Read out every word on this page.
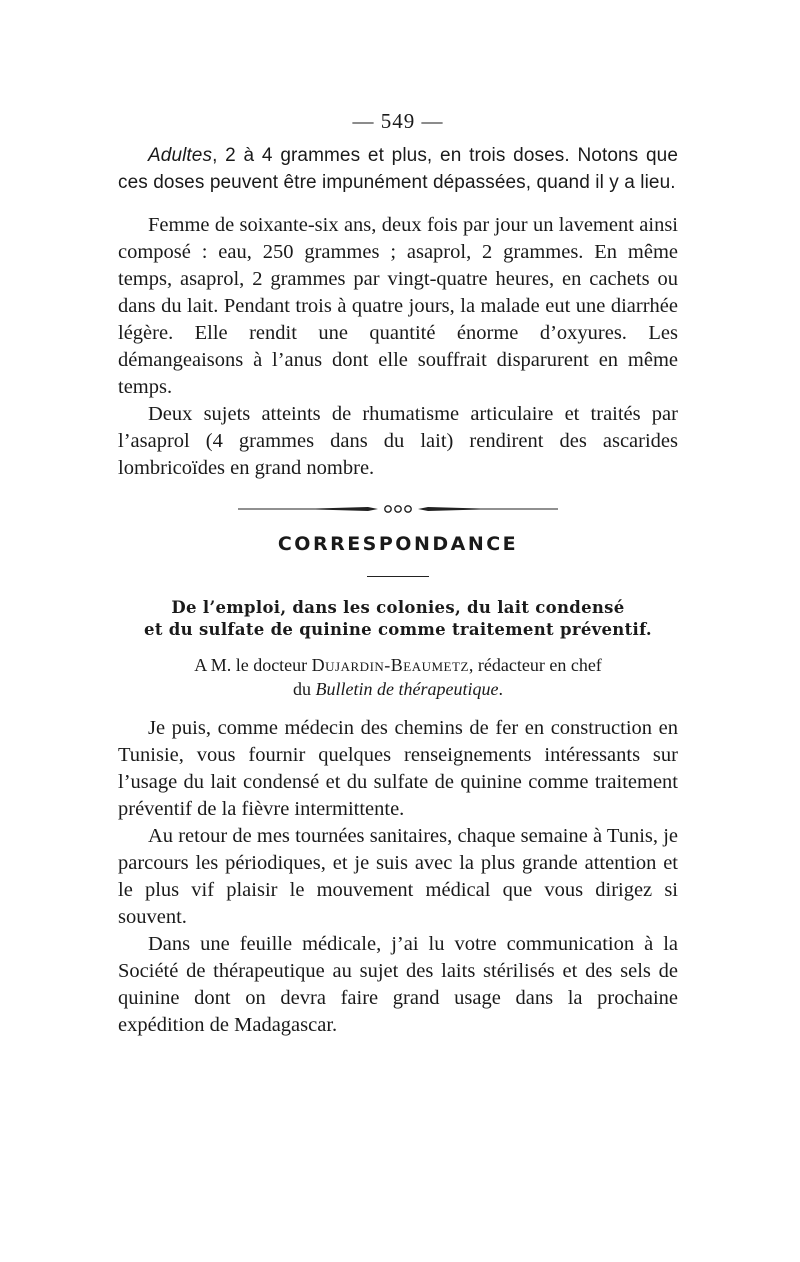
— 549 —

Adultes, 2 à 4 grammes et plus, en trois doses. Notons que ces doses peuvent être impunément dépassées, quand il y a lieu.

Femme de soixante-six ans, deux fois par jour un lavement ainsi composé : eau, 250 grammes ; asaprol, 2 grammes. En même temps, asaprol, 2 grammes par vingt-quatre heures, en cachets ou dans du lait. Pendant trois à quatre jours, la malade eut une diarrhée légère. Elle rendit une quantité énorme d’oxyures. Les démangeaisons à l’anus dont elle souffrait disparurent en même temps.

Deux sujets atteints de rhumatisme articulaire et traités par l’asaprol (4 grammes dans du lait) rendirent des ascarides lombricoïdes en grand nombre.

CORRESPONDANCE
De l’emploi, dans les colonies, du lait condensé
et du sulfate de quinine comme traitement préventif.
A M. le docteur Dujardin-Beaumetz, rédacteur en chef
du Bulletin de thérapeutique.

Je puis, comme médecin des chemins de fer en construction en Tunisie, vous fournir quelques renseignements intéressants sur l’usage du lait condensé et du sulfate de quinine comme traitement préventif de la fièvre intermittente.

Au retour de mes tournées sanitaires, chaque semaine à Tunis, je parcours les périodiques, et je suis avec la plus grande attention et le plus vif plaisir le mouvement médical que vous dirigez si souvent.

Dans une feuille médicale, j’ai lu votre communication à la Société de thérapeutique au sujet des laits stérilisés et des sels de quinine dont on devra faire grand usage dans la prochaine expédition de Madagascar.
